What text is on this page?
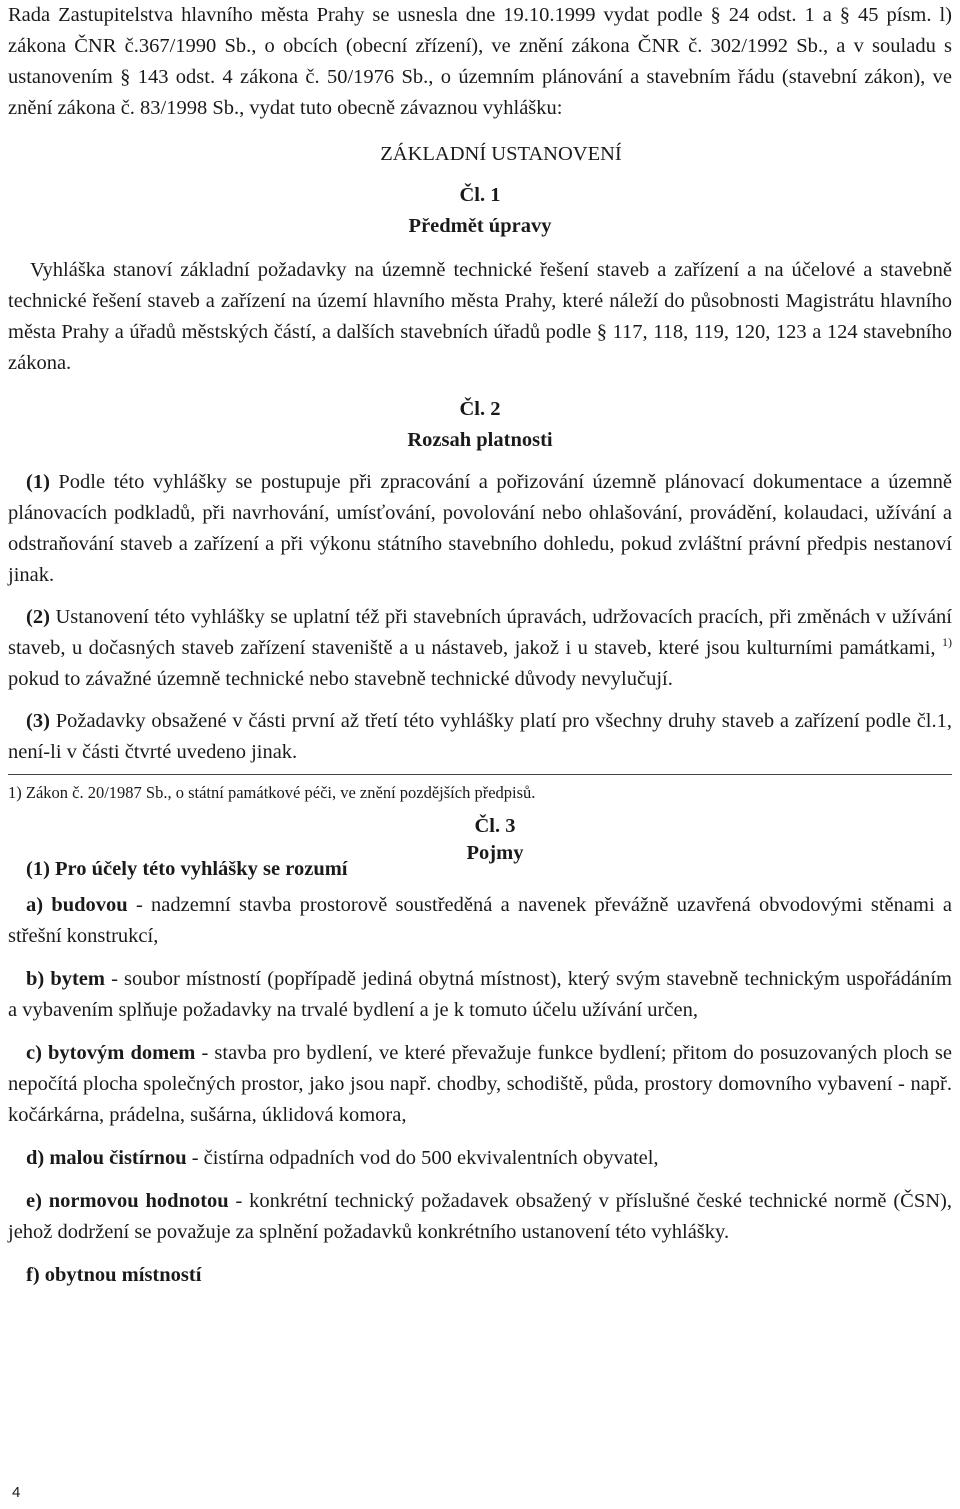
Rada Zastupitelstva hlavního města Prahy se usnesla dne 19.10.1999 vydat podle § 24 odst. 1 a § 45 písm. l) zákona ČNR č.367/1990 Sb., o obcích (obecní zřízení), ve znění zákona ČNR č. 302/1992 Sb., a v souladu s ustanovením § 143 odst. 4 zákona č. 50/1976 Sb., o územním plánování a stavebním řádu (stavební zákon), ve znění zákona č. 83/1998 Sb., vydat tuto obecně závaznou vyhlášku:

ZÁKLADNÍ USTANOVENÍ

Čl. 1

Předmět úpravy

Vyhláška stanoví základní požadavky na územně technické řešení staveb a zařízení a na účelové a stavebně technické řešení staveb a zařízení na území hlavního města Prahy, které náleží do působnosti Magistrátu hlavního města Prahy a úřadů městských částí, a dalších stavebních úřadů podle § 117, 118, 119, 120, 123 a 124 stavebního zákona.

Čl. 2

Rozsah platnosti

(1) Podle této vyhlášky se postupuje při zpracování a pořizování územně plánovací dokumentace a územně plánovacích podkladů, při navrhování, umísťování, povolování nebo ohlašování, provádění, kolaudaci, užívání a odstraňování staveb a zařízení a při výkonu státního stavebního dohledu, pokud zvláštní právní předpis nestanoví jinak.

(2) Ustanovení této vyhlášky se uplatní též při stavebních úpravách, udržovacích pracích, při změnách v užívání staveb, u dočasných staveb zařízení staveniště a u nástaveb, jakož i u staveb, které jsou kulturními památkami, $^{1)}$ pokud to závažné územně technické nebo stavebně technické důvody nevylučují.

(3) Požadavky obsažené v části první až třetí této vyhlášky platí pro všechny druhy staveb a zařízení podle čl.1, není-li v části čtvrté uvedeno jinak.

1) Zákon č. 20/1987 Sb., o státní památkové péči, ve znění pozdějších předpisů.

Čl. 3

(1) Pro účely této vyhlášky se rozumí

Pojmy

a) budovou - nadzemní stavba prostorově soustředěná a navenek převážně uzavřená obvodovými stěnami a střešní konstrukcí,

b) bytem - soubor místností (popřípadě jediná obytná místnost), který svým stavebně technickým uspořádáním a vybavením splňuje požadavky na trvalé bydlení a je k tomuto účelu užívání určen,

c) bytovým domem - stavba pro bydlení, ve které převažuje funkce bydlení; přitom do posuzovaných ploch se nepočítá plocha společných prostor, jako jsou např. chodby, schodiště, půda, prostory domovního vybavení - např. kočárkárna, prádelna, sušárna, úklidová komora,

d) malou čistírnou - čistírna odpadních vod do 500 ekvivalentních obyvatel,

e) normovou hodnotou - konkrétní technický požadavek obsažený v příslušné české technické normě (ČSN), jehož dodržení se považuje za splnění požadavků konkrétního ustanovení této vyhlášky.

f) obytnou místností

4
